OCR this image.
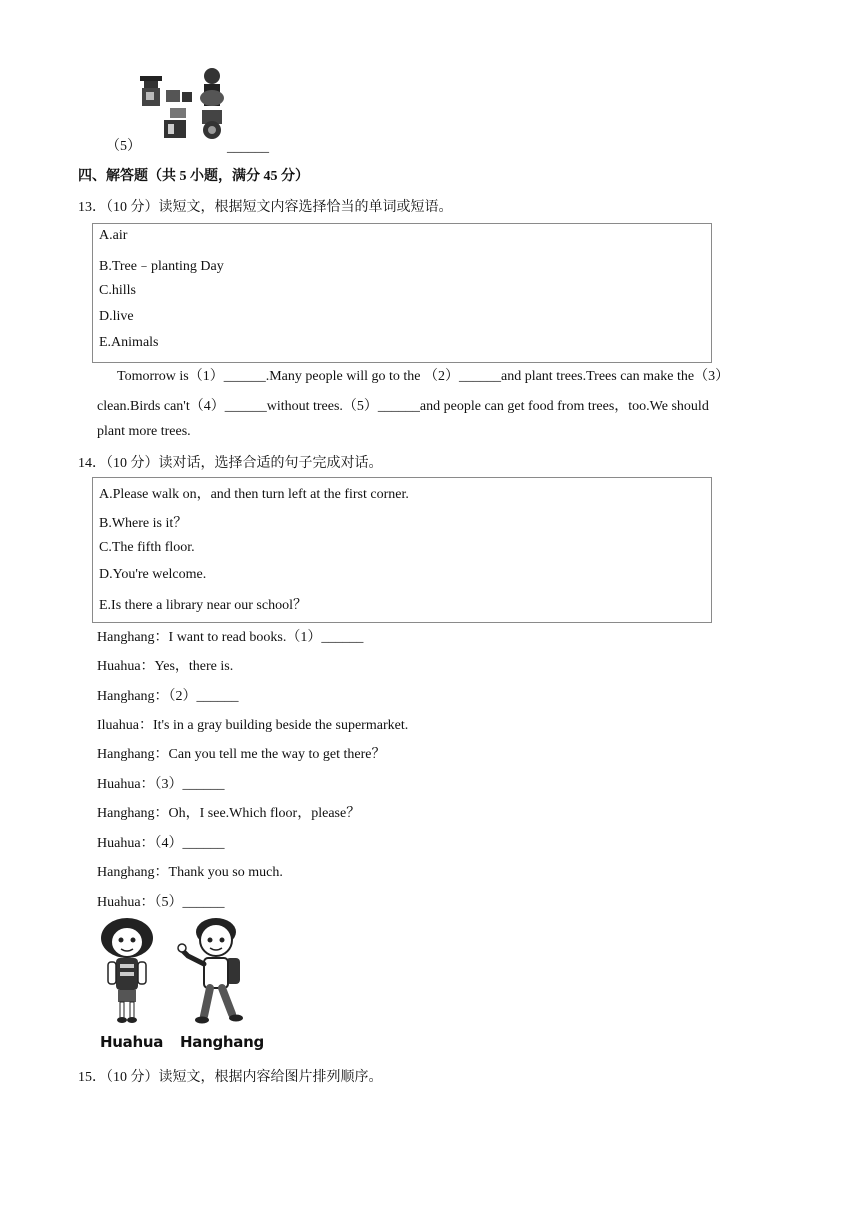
（5）	______
四、解答题（共 5 小题，满分 45 分）
13．（10 分）读短文，根据短文内容选择恰当的单词或短语。
A.air
B.Tree﹣planting Day
C.hills
D.live
E.Animals
Tomorrow is（1）______.Many people will go to the （2）______and plant trees.Trees can make the（3）
clean.Birds can't（4）______without trees.（5）______and people can get food from trees，too.We should
plant more trees.
14．（10 分）读对话，选择合适的句子完成对话。
A.Please walk on，and then turn left at the first corner.
B.Where is it？
C.The fifth floor.
D.You're welcome.
E.Is there a library near our school？
Hanghang：I want to read books.（1）______
Huahua：Yes，there is.
Hanghang：（2）______
Iluahua：It's in a gray building beside the supermarket.
Hanghang：Can you tell me the way to get there？
Huahua：（3）______
Hanghang：Oh，I see.Which floor，please？
Huahua：（4）______
Hanghang：Thank you so much.
Huahua：（5）______
Huahua Hanghang
15．（10 分）读短文，根据内容给图片排列顺序。
